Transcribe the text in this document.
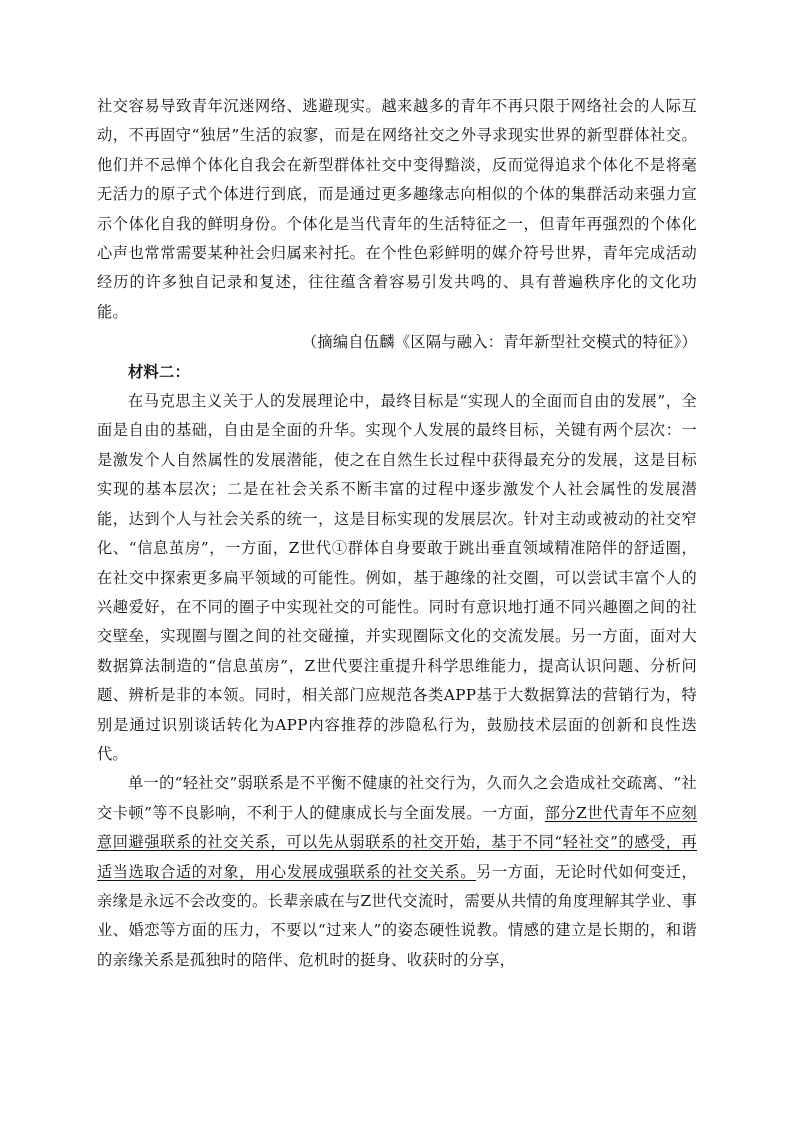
社交容易导致青年沉迷网络、逃避现实。越来越多的青年不再只限于网络社会的人际互动，不再固守“独居”生活的寂寥，而是在网络社交之外寻求现实世界的新型群体社交。他们并不忌惮个体化自我会在新型群体社交中变得黯淡，反而觉得追求个体化不是将毫无活力的原子式个体进行到底，而是通过更多趣缘志向相似的个体的集群活动来强力宣示个体化自我的鲜明身份。个体化是当代青年的生活特征之一，但青年再强烈的个体化心声也常常需要某种社会归属来衬托。在个性色彩鲜明的媒介符号世界，青年完成活动经历的许多独自记录和复述，往往蕴含着容易引发共鸣的、具有普遍秩序化的文化功能。

（摘编自伍麟《区隔与融入：青年新型社交模式的特征》）

材料二：

在马克思主义关于人的发展理论中，最终目标是“实现人的全面而自由的发展”，全面是自由的基础，自由是全面的升华。实现个人发展的最终目标，关键有两个层次：一是激发个人自然属性的发展潜能，使之在自然生长过程中获得最充分的发展，这是目标实现的基本层次；二是在社会关系不断丰富的过程中逐步激发个人社会属性的发展潜能，达到个人与社会关系的统一，这是目标实现的发展层次。针对主动或被动的社交窄化、“信息茧房”，一方面，Z世代①群体自身要敢于跳出垂直领域精准陪伴的舒适圈，在社交中探索更多扁平领域的可能性。例如，基于趣缘的社交圈，可以尝试丰富个人的兴趣爱好，在不同的圈子中实现社交的可能性。同时有意识地打通不同兴趣圈之间的社交壁垒，实现圈与圈之间的社交碰撞，并实现圈际文化的交流发展。另一方面，面对大数据算法制造的“信息茧房”，Z世代要注重提升科学思维能力，提高认识问题、分析问题、辨析是非的本领。同时，相关部门应规范各类APP基于大数据算法的营销行为，特别是通过识别谈话转化为APP内容推荐的涉隐私行为，鼓励技术层面的创新和良性迭代。

单一的“轻社交”弱联系是不平衡不健康的社交行为，久而久之会造成社交疏离、“社交卡顿”等不良影响，不利于人的健康成长与全面发展。一方面，部分Z世代青年不应刻意回避强联系的社交关系，可以先从弱联系的社交开始，基于不同“轻社交”的感受，再适当选取合适的对象，用心发展成强联系的社交关系。另一方面，无论时代如何变迁，亲缘是永远不会改变的。长辈亲戚在与Z世代交流时，需要从共情的角度理解其学业、事业、婚恋等方面的压力，不要以“过来人”的姿态硬性说教。情感的建立是长期的，和谐的亲缘关系是孤独时的陪伴、危机时的挺身、收获时的分享，
